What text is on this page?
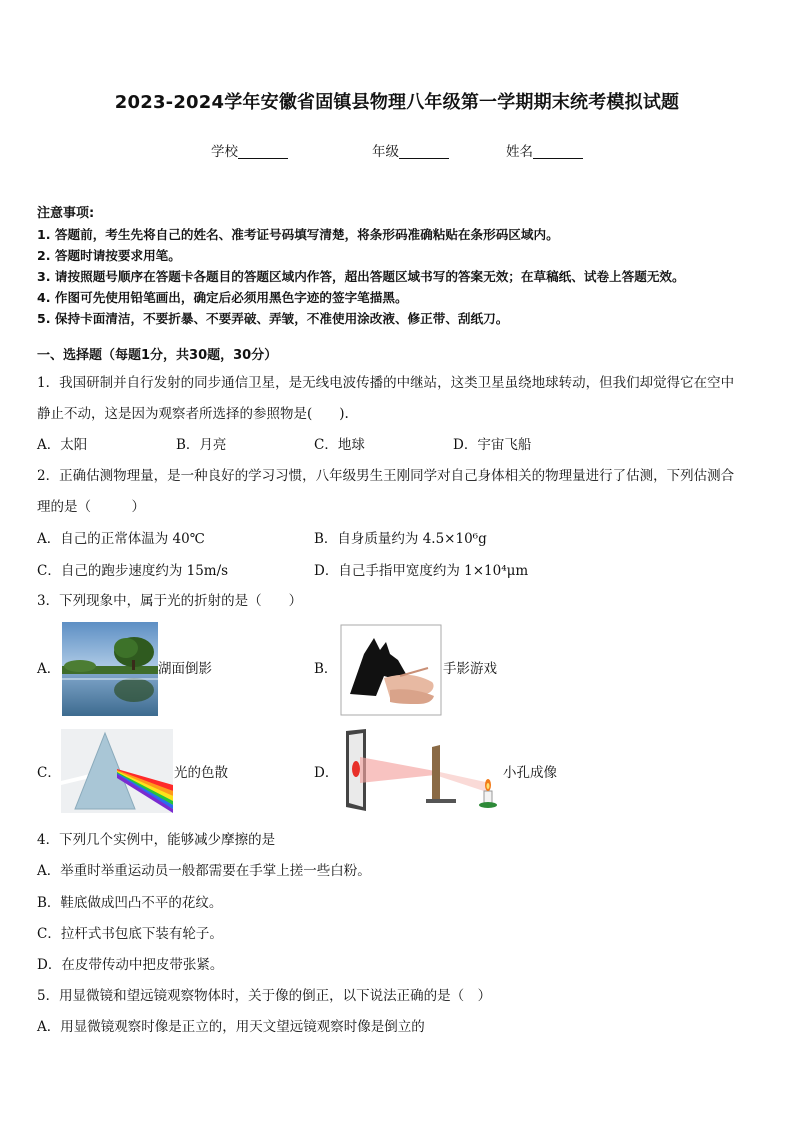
2023-2024学年安徽省固镇县物理八年级第一学期期末统考模拟试题
学校	年级	姓名
注意事项:
1. 答题前，考生先将自己的姓名、准考证号码填写清楚，将条形码准确粘贴在条形码区域内。
2. 答题时请按要求用笔。
3. 请按照题号顺序在答题卡各题目的答题区域内作答，超出答题区域书写的答案无效；在草稿纸、试卷上答题无效。
4. 作图可先使用铅笔画出，确定后必须用黑色字迹的签字笔描黑。
5. 保持卡面清洁，不要折暴、不要弄破、弄皱，不准使用涂改液、修正带、刮纸刀。
一、选择题（每题1分，共30题，30分）
1．我国研制并自行发射的同步通信卫星，是无线电波传播的中继站，这类卫星虽绕地球转动，但我们却觉得它在空中
静止不动，这是因为观察者所选择的参照物是(　　).
A．太阳	B．月亮	C．地球	D．宇宙飞船
2．正确估测物理量，是一种良好的学习习惯，八年级男生王刚同学对自己身体相关的物理量进行了估测，下列估测合
理的是（　　　）
A．自己的正常体温为 40℃	B．自身质量约为 4.5×10⁶g
C．自己的跑步速度约为 15m/s	D．自己手指甲宽度约为 1×10⁴μm
3．下列现象中，属于光的折射的是（　　）
A．	湖面倒影	B．	手影游戏
C．	光的色散	D．	小孔成像
4．下列几个实例中，能够减少摩擦的是
A．举重时举重运动员一般都需要在手掌上搓一些白粉。
B．鞋底做成凹凸不平的花纹。
C．拉杆式书包底下装有轮子。
D．在皮带传动中把皮带张紧。
5．用显微镜和望远镜观察物体时，关于像的倒正，以下说法正确的是（　）
A．用显微镜观察时像是正立的，用天文望远镜观察时像是倒立的
